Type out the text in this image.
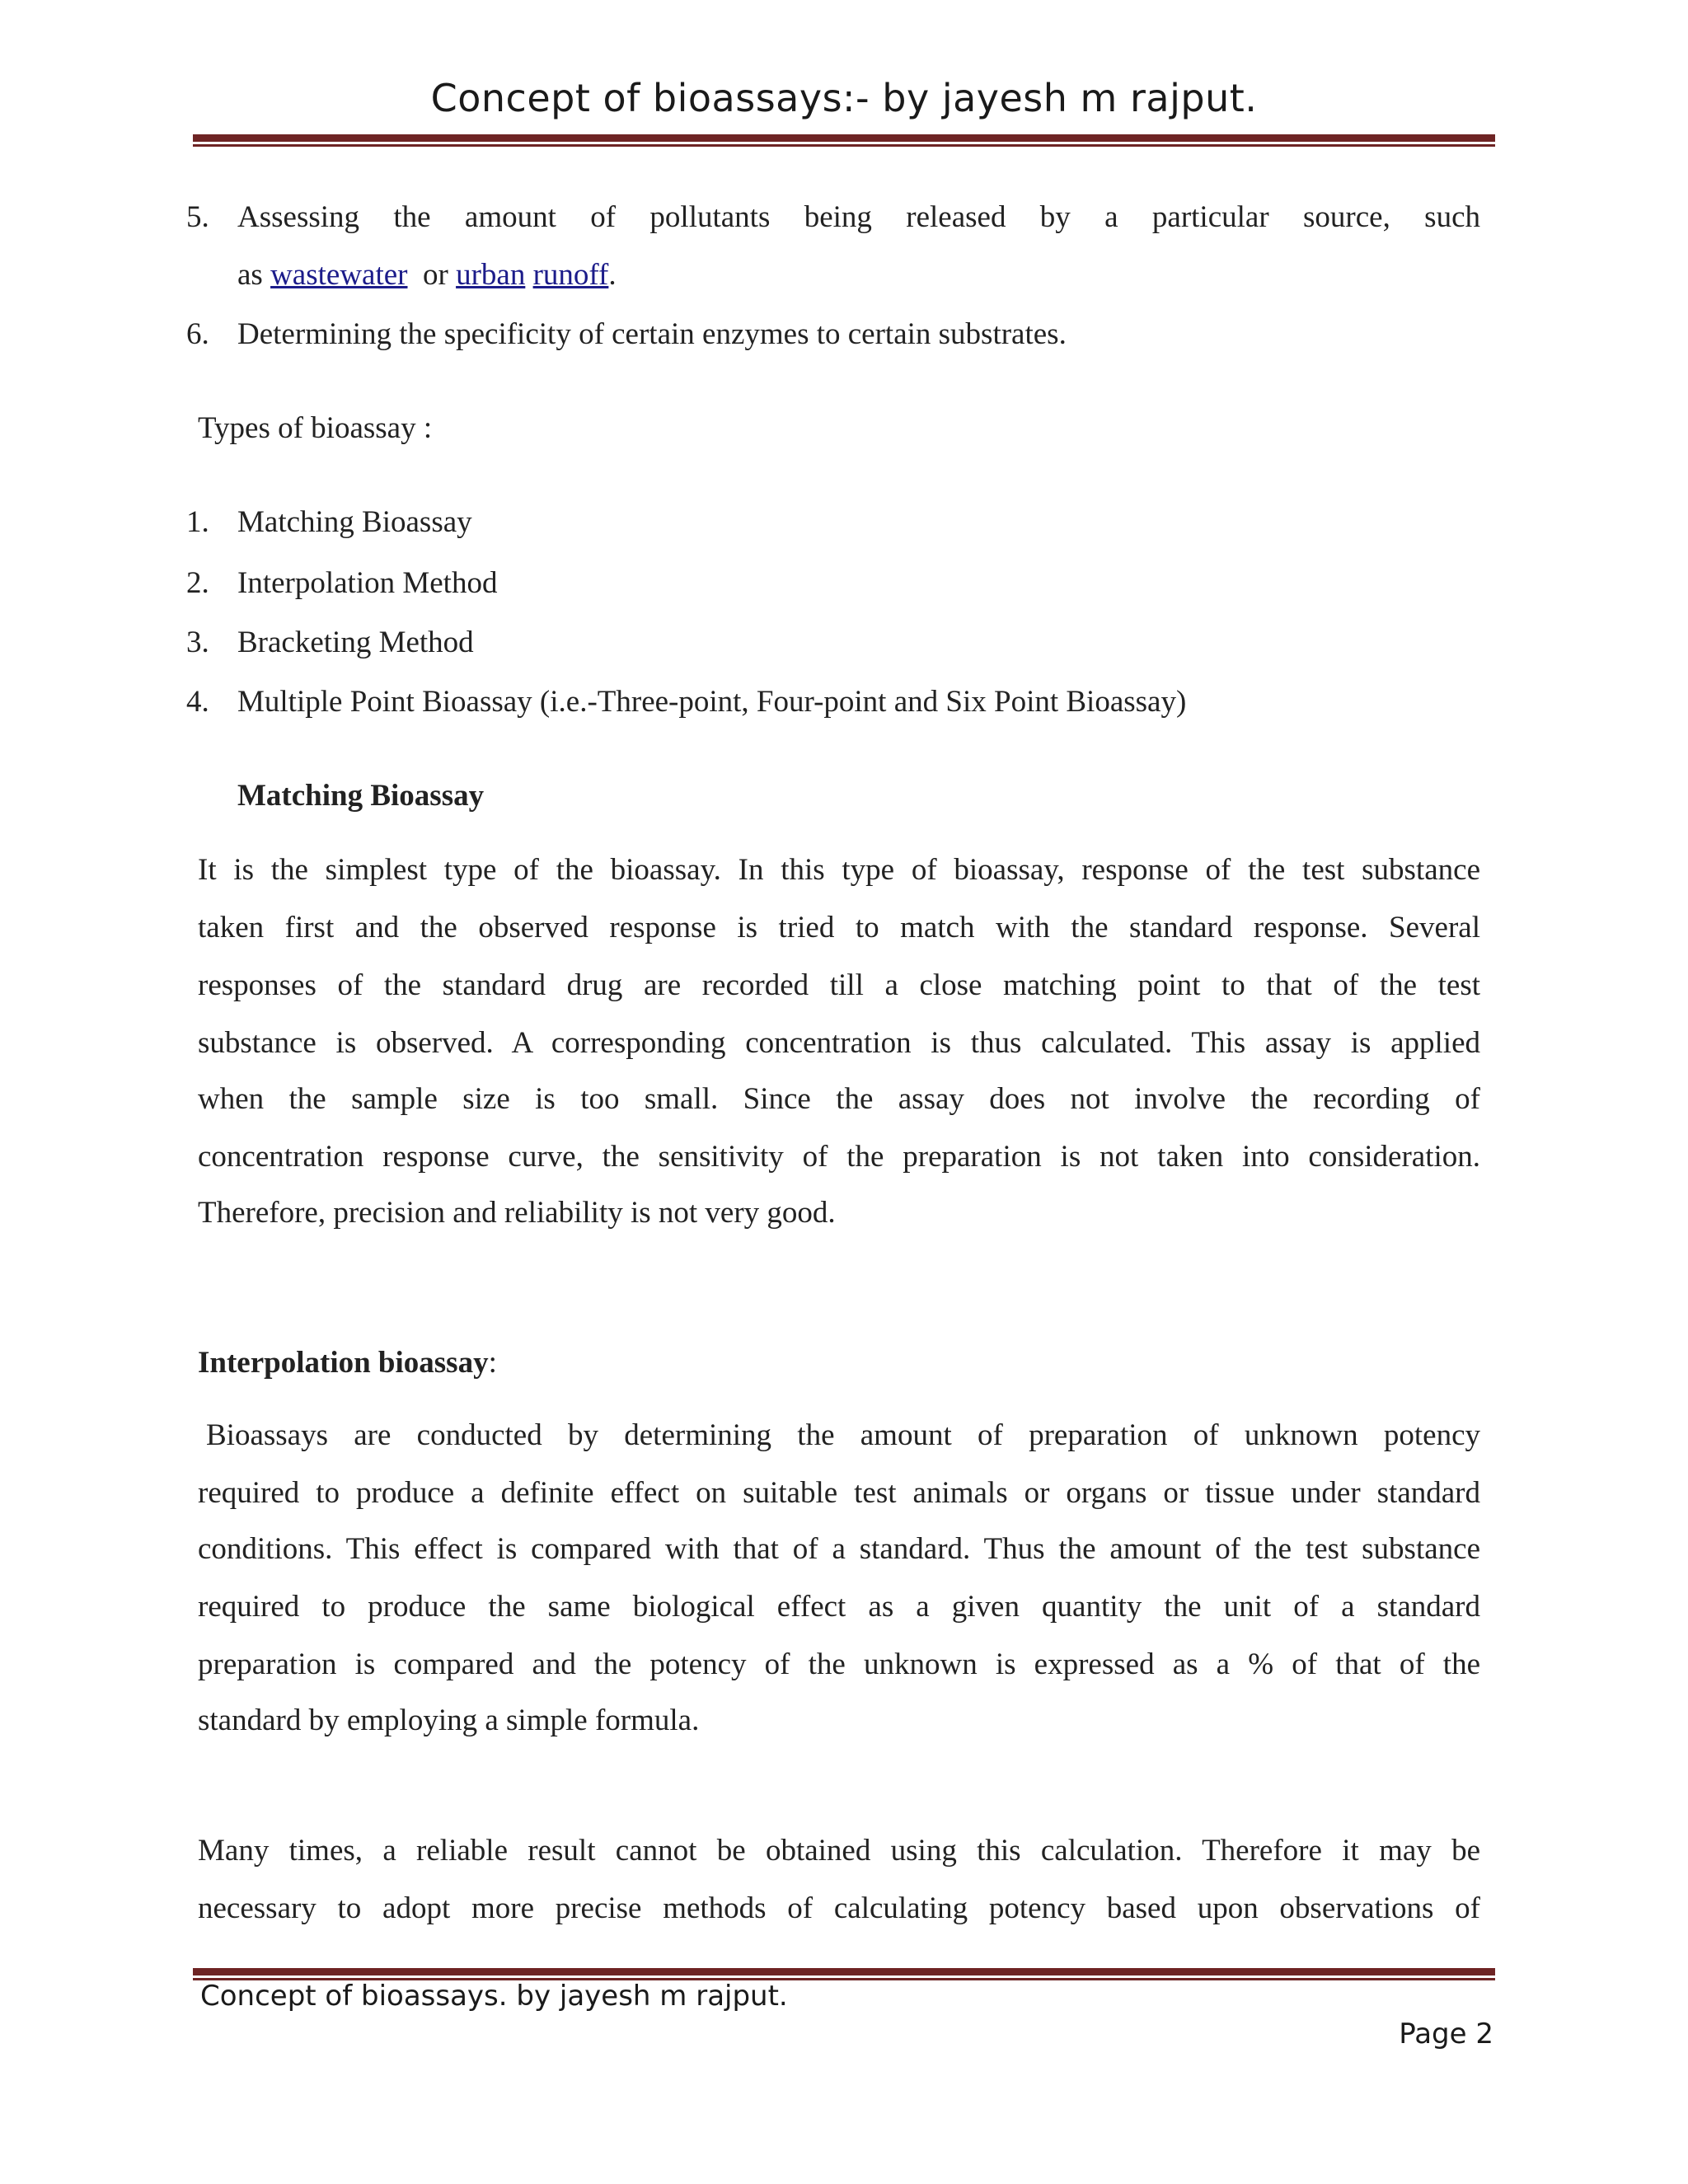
Concept of bioassays:- by jayesh m rajput.
5. Assessing the amount of pollutants being released by a particular source, such
as wastewater or urban runoff.
6. Determining the specificity of certain enzymes to certain substrates.
Types of bioassay :
1. Matching Bioassay
2. Interpolation Method
3. Bracketing Method
4. Multiple Point Bioassay (i.e.-Three-point, Four-point and Six Point Bioassay)
Matching Bioassay
It is the simplest type of the bioassay. In this type of bioassay, response of the test substance
taken first and the observed response is tried to match with the standard response. Several
responses of the standard drug are recorded till a close matching point to that of the test
substance is observed. A corresponding concentration is thus calculated. This assay is applied
when the sample size is too small. Since the assay does not involve the recording of
concentration response curve, the sensitivity of the preparation is not taken into consideration.
Therefore, precision and reliability is not very good.
Interpolation bioassay:
Bioassays are conducted by determining the amount of preparation of unknown potency
required to produce a definite effect on suitable test animals or organs or tissue under standard
conditions. This effect is compared with that of a standard. Thus the amount of the test substance
required to produce the same biological effect as a given quantity the unit of a standard
preparation is compared and the potency of the unknown is expressed as a % of that of the
standard by employing a simple formula.
Many times, a reliable result cannot be obtained using this calculation. Therefore it may be
necessary to adopt more precise methods of calculating potency based upon observations of
Concept of bioassays. by jayesh m rajput.
Page 2
